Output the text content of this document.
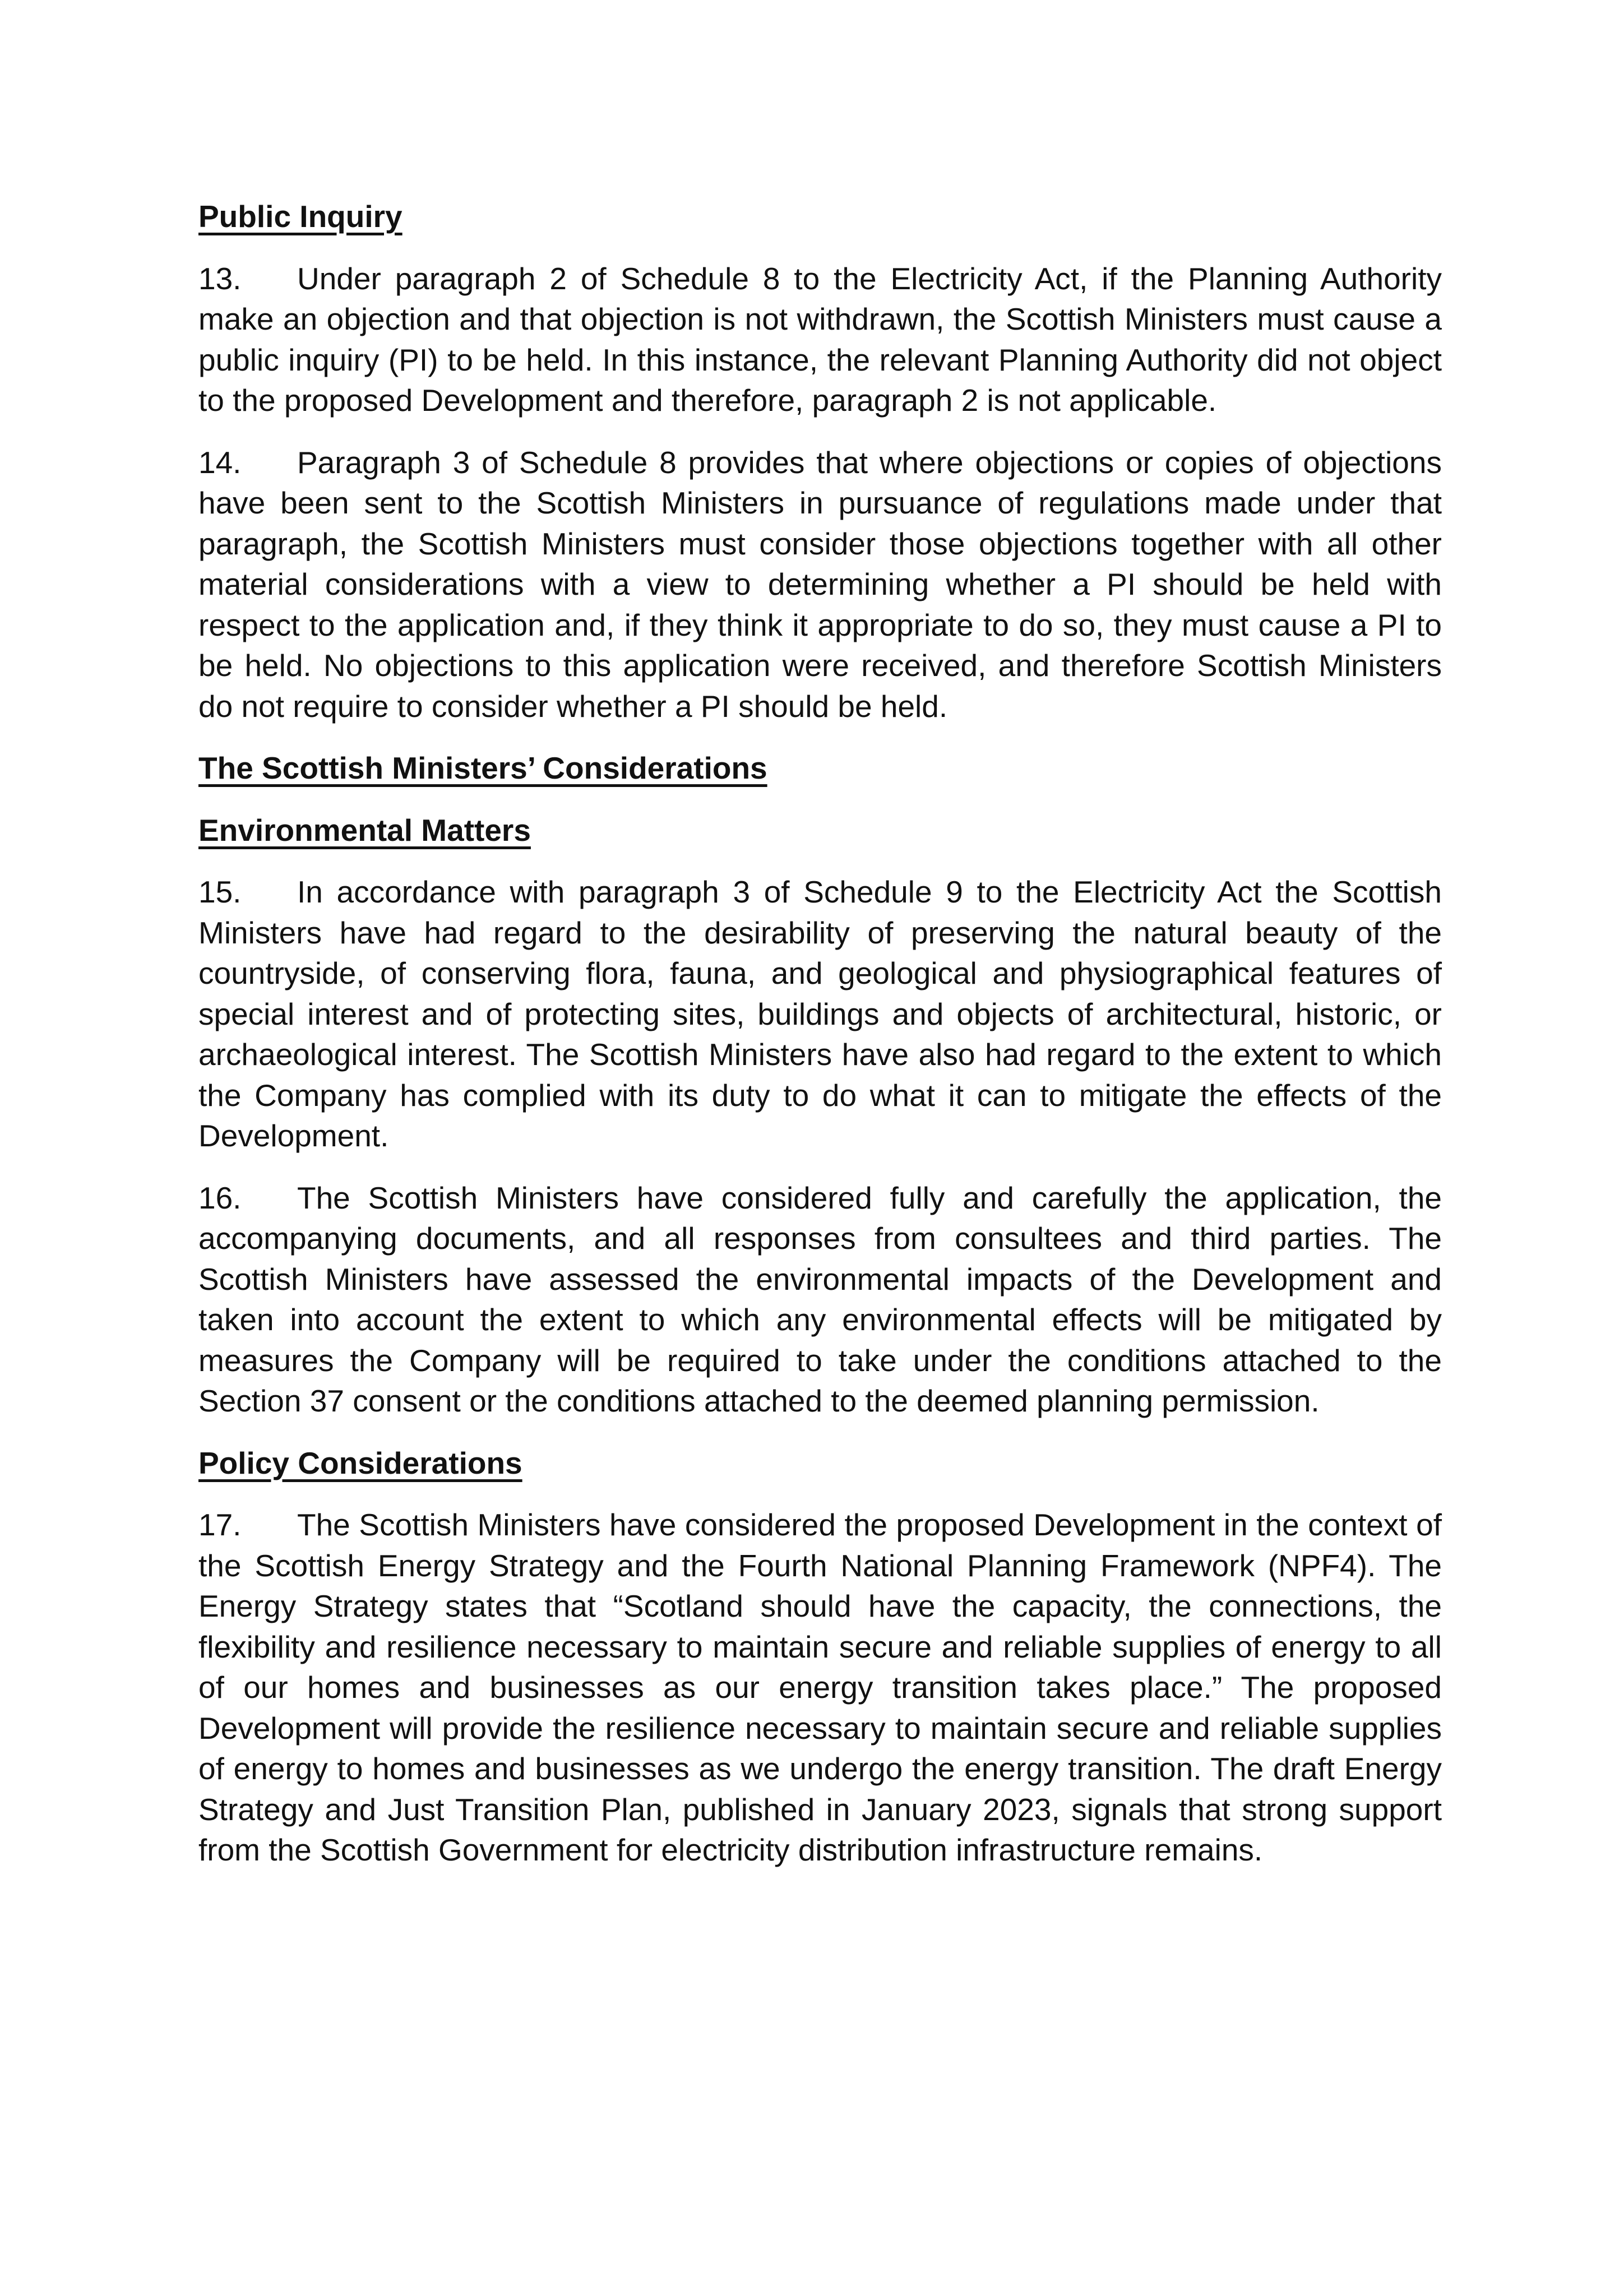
Public Inquiry

13. Under paragraph 2 of Schedule 8 to the Electricity Act, if the Planning Authority make an objection and that objection is not withdrawn, the Scottish Ministers must cause a public inquiry (PI) to be held. In this instance, the relevant Planning Authority did not object to the proposed Development and therefore, paragraph 2 is not applicable.

14. Paragraph 3 of Schedule 8 provides that where objections or copies of objections have been sent to the Scottish Ministers in pursuance of regulations made under that paragraph, the Scottish Ministers must consider those objections together with all other material considerations with a view to determining whether a PI should be held with respect to the application and, if they think it appropriate to do so, they must cause a PI to be held. No objections to this application were received, and therefore Scottish Ministers do not require to consider whether a PI should be held.

The Scottish Ministers’ Considerations
Environmental Matters

15. In accordance with paragraph 3 of Schedule 9 to the Electricity Act the Scottish Ministers have had regard to the desirability of preserving the natural beauty of the countryside, of conserving flora, fauna, and geological and physiographical features of special interest and of protecting sites, buildings and objects of architectural, historic, or archaeological interest. The Scottish Ministers have also had regard to the extent to which the Company has complied with its duty to do what it can to mitigate the effects of the Development.

16. The Scottish Ministers have considered fully and carefully the application, the accompanying documents, and all responses from consultees and third parties. The Scottish Ministers have assessed the environmental impacts of the Development and taken into account the extent to which any environmental effects will be mitigated by measures the Company will be required to take under the conditions attached to the Section 37 consent or the conditions attached to the deemed planning permission.

Policy Considerations

17. The Scottish Ministers have considered the proposed Development in the context of the Scottish Energy Strategy and the Fourth National Planning Framework (NPF4). The Energy Strategy states that “Scotland should have the capacity, the connections, the flexibility and resilience necessary to maintain secure and reliable supplies of energy to all of our homes and businesses as our energy transition takes place.” The proposed Development will provide the resilience necessary to maintain secure and reliable supplies of energy to homes and businesses as we undergo the energy transition. The draft Energy Strategy and Just Transition Plan, published in January 2023, signals that strong support from the Scottish Government for electricity distribution infrastructure remains.
